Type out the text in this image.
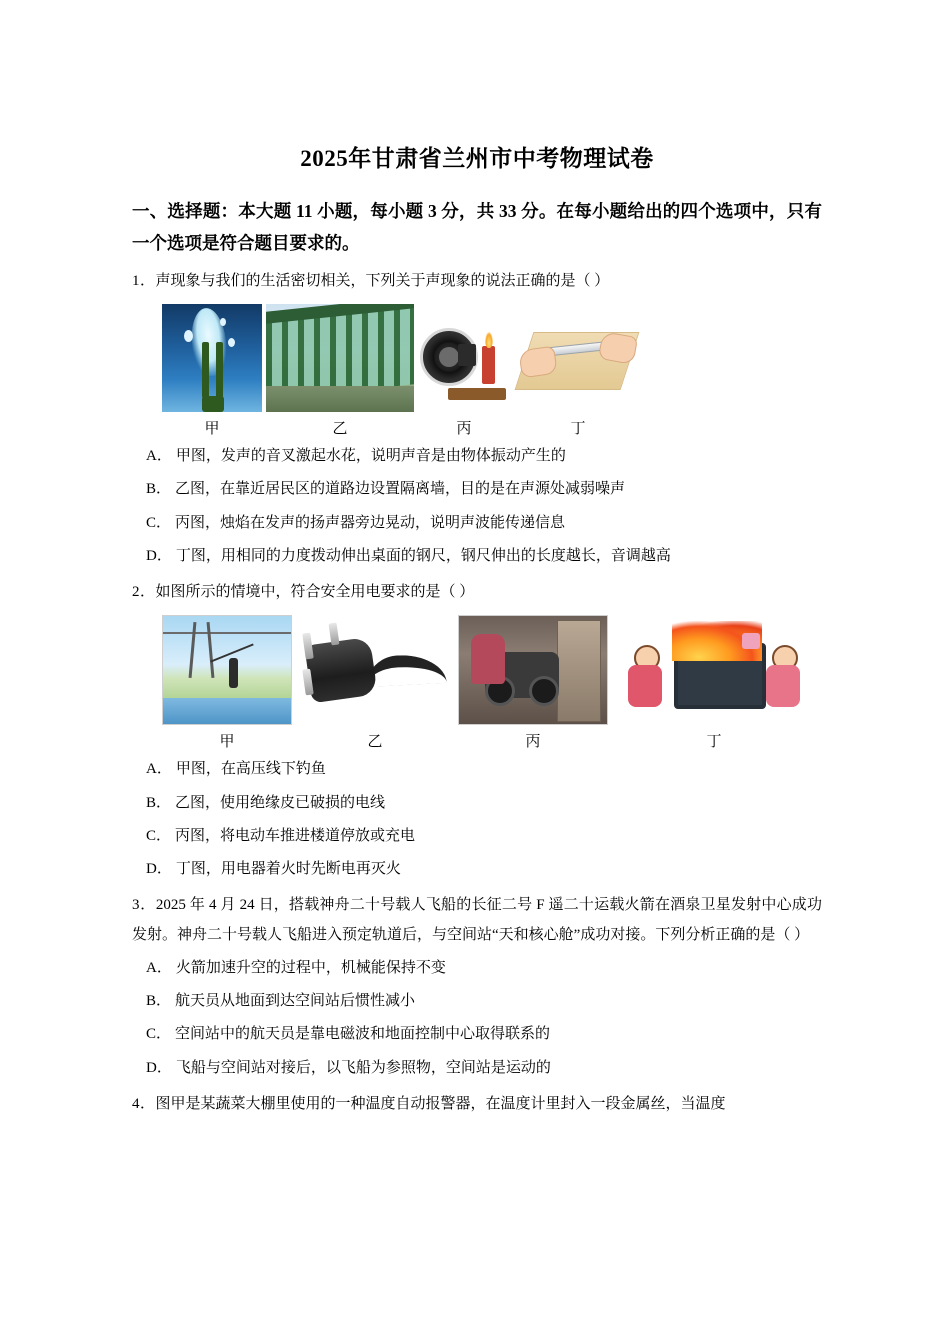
2025年甘肃省兰州市中考物理试卷
一、选择题：本大题 11 小题，每小题 3 分，共 33 分。在每小题给出的四个选项中，只有一个选项是符合题目要求的。
1．声现象与我们的生活密切相关，下列关于声现象的说法正确的是（ ）
甲	乙	丙	丁
A． 甲图，发声的音叉激起水花，说明声音是由物体振动产生的
B． 乙图，在靠近居民区的道路边设置隔离墙，目的是在声源处减弱噪声
C． 丙图，烛焰在发声的扬声器旁边晃动，说明声波能传递信息
D． 丁图，用相同的力度拨动伸出桌面的钢尺，钢尺伸出的长度越长，音调越高
2．如图所示的情境中，符合安全用电要求的是（ ）
甲	乙	丙	丁
A． 甲图，在高压线下钓鱼
B． 乙图，使用绝缘皮已破损的电线
C． 丙图，将电动车推进楼道停放或充电
D． 丁图，用电器着火时先断电再灭火
3．2025 年 4 月 24 日，搭载神舟二十号载人飞船的长征二号 F 遥二十运载火箭在酒泉卫星发射中心成功发射。神舟二十号载人飞船进入预定轨道后，与空间站“天和核心舱”成功对接。下列分析正确的是（ ）
A． 火箭加速升空的过程中，机械能保持不变
B． 航天员从地面到达空间站后惯性减小
C． 空间站中的航天员是靠电磁波和地面控制中心取得联系的
D． 飞船与空间站对接后，以飞船为参照物，空间站是运动的
4．图甲是某蔬菜大棚里使用的一种温度自动报警器，在温度计里封入一段金属丝，当温度
